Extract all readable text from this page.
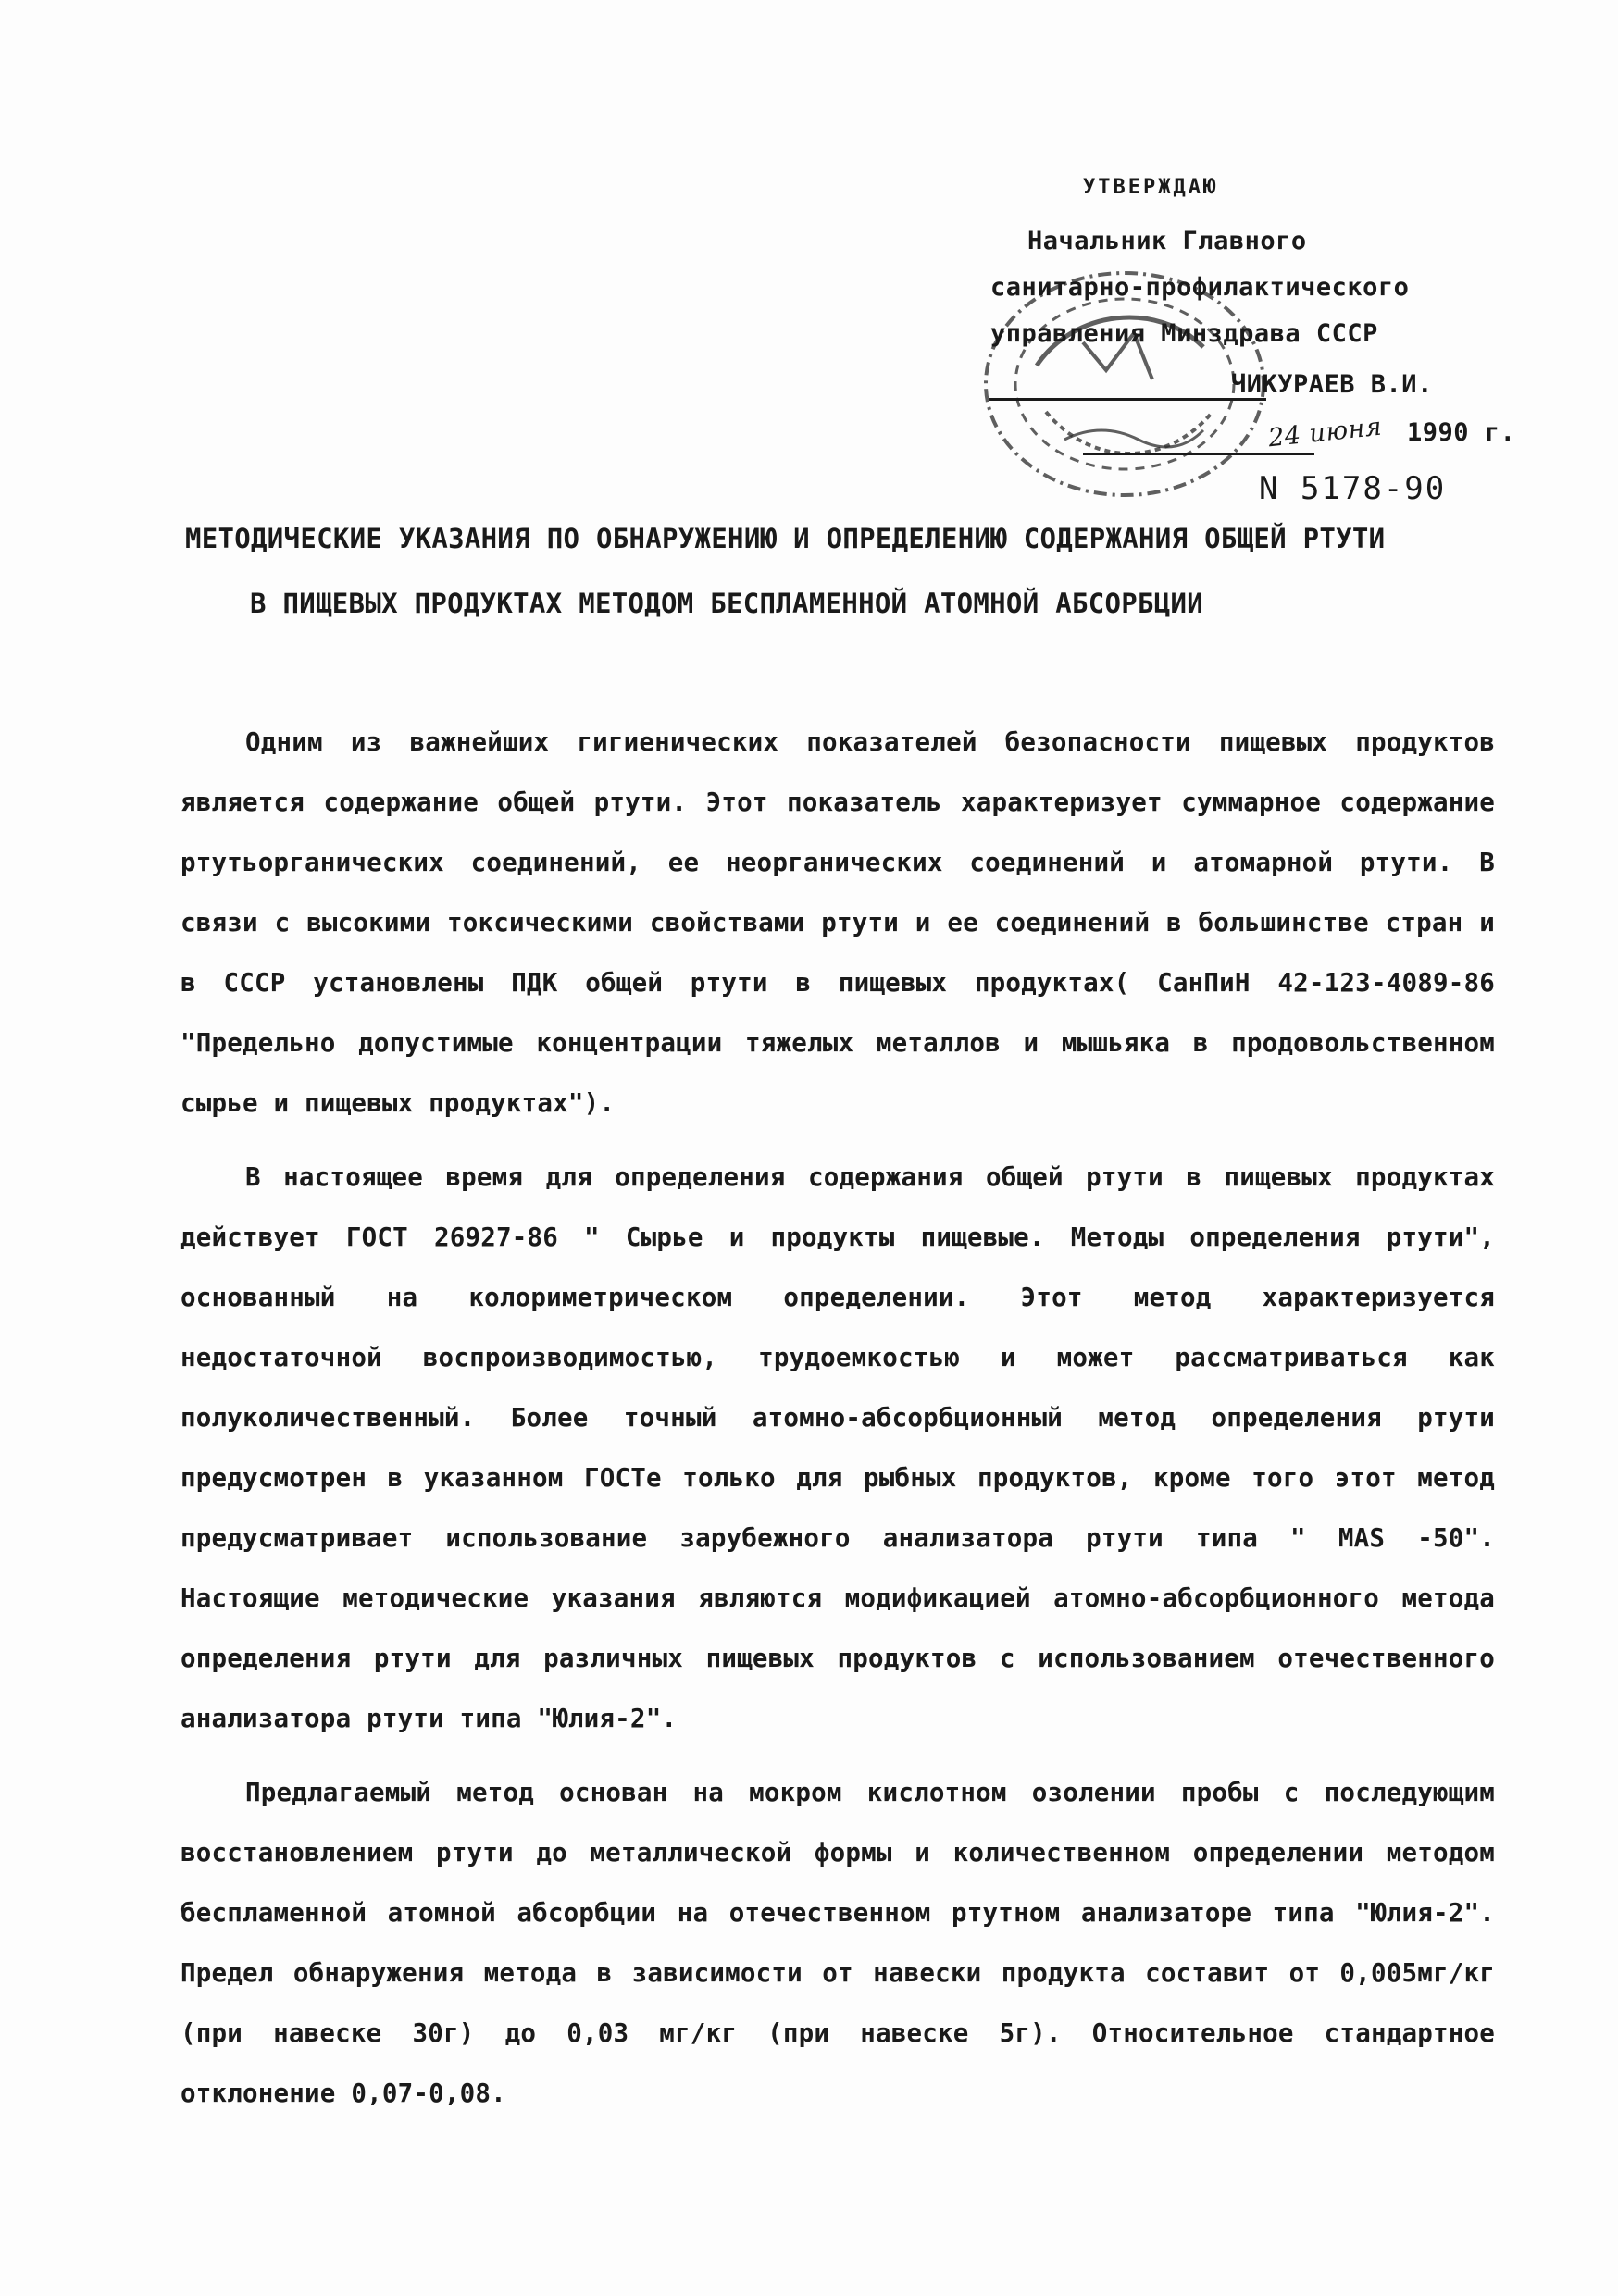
УТВЕРЖДАЮ
Начальник Главного
санитарно-профилактического
управления Минздрава СССР
ЧИКУРАЕВ В.И.
24 июня 1990 г.
N 5178-90
МЕТОДИЧЕСКИЕ УКАЗАНИЯ ПО ОБНАРУЖЕНИЮ И ОПРЕДЕЛЕНИЮ СОДЕРЖАНИЯ ОБЩЕЙ РТУТИ
В ПИЩЕВЫХ ПРОДУКТАХ МЕТОДОМ БЕСПЛАМЕННОЙ АТОМНОЙ АБСОРБЦИИ

Одним из важнейших гигиенических показателей безопасности пищевых продуктов является содержание общей ртути. Этот показатель характеризует суммарное содержание ртутьорганических соединений, ее неорганических соединений и атомарной ртути. В связи с высокими токсическими свойствами ртути и ее соединений в большинстве стран и в СССР установлены ПДК общей ртути в пищевых продуктах( СанПиН 42-123-4089-86 "Предельно допустимые концентрации тяжелых металлов и мышьяка в продовольственном сырье и пищевых продуктах").

В настоящее время для определения содержания общей ртути в пищевых продуктах действует ГОСТ 26927-86 " Сырье и продукты пищевые. Методы определения ртути", основанный на колориметрическом определении. Этот метод характеризуется недостаточной воспроизводимостью, трудоемкостью и может рассматриваться как полуколичественный. Более точный атомно-абсорбционный метод определения ртути предусмотрен в указанном ГОСТе только для рыбных продуктов, кроме того этот метод предусматривает использование зарубежного анализатора ртути типа " MAS -50". Настоящие методические указания являются модификацией атомно-абсорбционного метода опрeделения ртути для различных пищевых продуктов с использованием отечественного анализатора ртути типа "Юлия-2".

Предлагаемый метод основан на мокром кислотном озолении пробы с последующим восстановлением ртути до металлической формы и количественном определении методом беспламенной атомной абсорбции на отечественном ртутном анализаторе типа "Юлия-2". Предел обнаружения метода в зависимости от навески продукта составит от 0,005мг/кг (при навеске 30г) до 0,03 мг/кг (при навеске 5г). Относительное стандартное отклонение 0,07-0,08.
